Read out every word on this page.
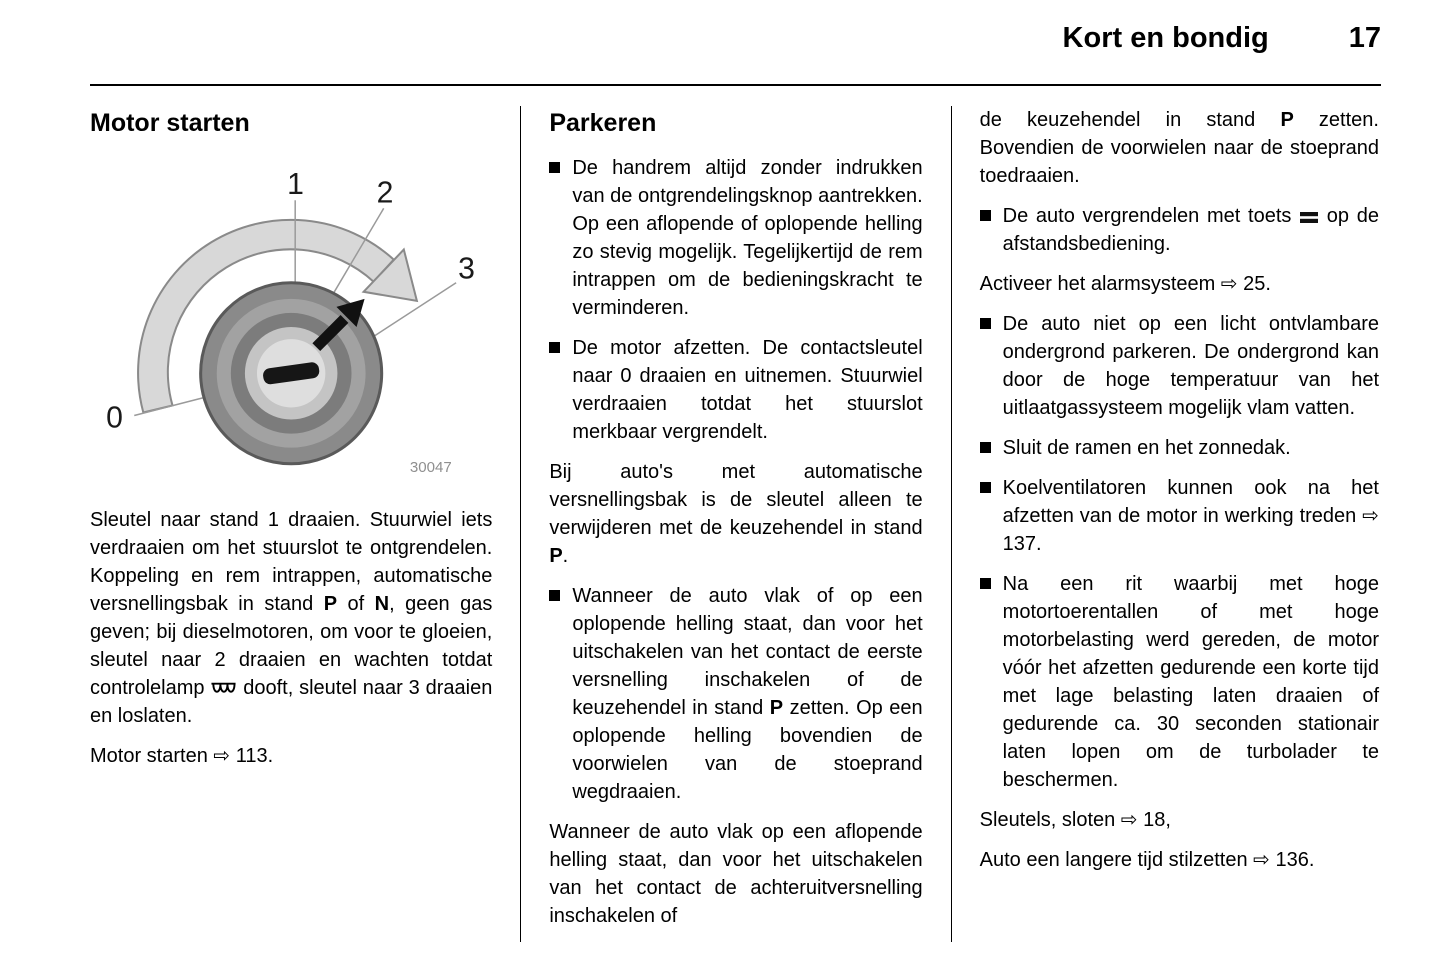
Kort en bondig	17
Motor starten
1 2
3
0
30047

Sleutel naar stand 1 draaien. Stuurwiel iets verdraaien om het stuurslot te ontgrendelen. Koppeling en rem intrappen, automatische versnellingsbak in stand P of N, geen gas geven; bij dieselmotoren, om voor te gloeien, sleutel naar 2 draaien en wachten totdat controlelamp  dooft, sleutel naar 3 draaien en loslaten.

Motor starten ⇨ 113.

Parkeren
De handrem altijd zonder indrukken van de ontgrendelingsknop aantrekken. Op een aflopende of oplopende helling zo stevig mogelijk. Tegelijkertijd de rem intrappen om de bedieningskracht te verminderen.
De motor afzetten. De contactsleutel naar 0 draaien en uitnemen. Stuurwiel verdraaien totdat het stuurslot merkbaar vergrendelt.

Bij auto's met automatische versnellingsbak is de sleutel alleen te verwijderen met de keuzehendel in stand P.

Wanneer de auto vlak of op een oplopende helling staat, dan voor het uitschakelen van het contact de eerste versnelling inschakelen of de keuzehendel in stand P zetten. Op een oplopende helling bovendien de voorwielen van de stoeprand wegdraaien.

Wanneer de auto vlak op een aflopende helling staat, dan voor het uitschakelen van het contact de achteruitversnelling inschakelen of

de keuzehendel in stand P zetten. Bovendien de voorwielen naar de stoeprand toedraaien.

De auto vergrendelen met toets  op de afstandsbediening.

Activeer het alarmsysteem ⇨ 25.

De auto niet op een licht ontvlambare ondergrond parkeren. De ondergrond kan door de hoge temperatuur van het uitlaatgassysteem mogelijk vlam vatten.
Sluit de ramen en het zonnedak.
Koelventilatoren kunnen ook na het afzetten van de motor in werking treden ⇨ 137.
Na een rit waarbij met hoge motortoerentallen of met hoge motorbelasting werd gereden, de motor vóór het afzetten gedurende een korte tijd met lage belasting laten draaien of gedurende ca. 30 seconden stationair laten lopen om de turbolader te beschermen.

Sleutels, sloten ⇨ 18,

Auto een langere tijd stilzetten ⇨ 136.
